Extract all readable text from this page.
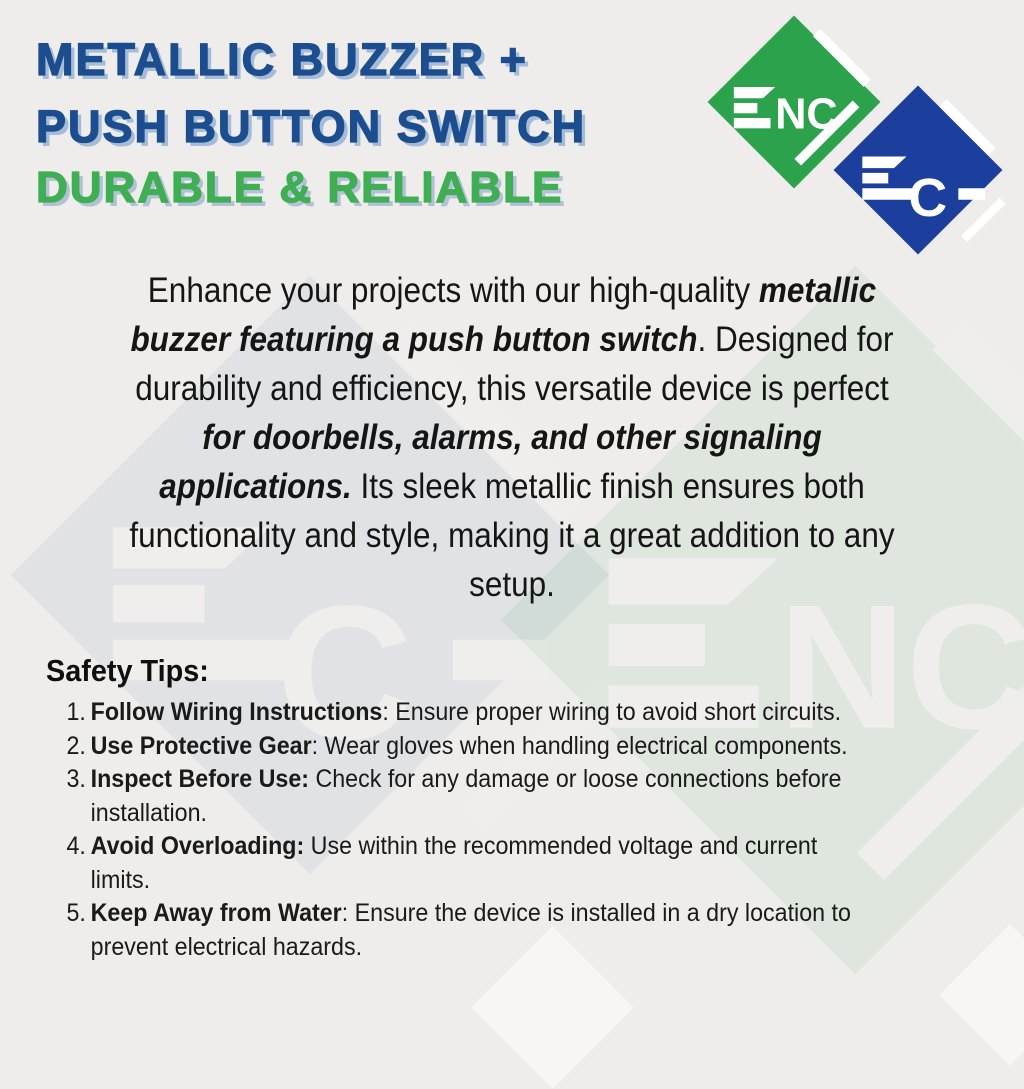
METALLIC BUZZER +
PUSH BUTTON SWITCH
DURABLE & RELIABLE
Enhance your projects with our high-quality metallic
buzzer featuring a push button switch. Designed for
durability and efficiency, this versatile device is perfect
for doorbells, alarms, and other signaling
applications. Its sleek metallic finish ensures both
functionality and style, making it a great addition to any
setup.
Safety Tips:
1. Follow Wiring Instructions: Ensure proper wiring to avoid short circuits.
2. Use Protective Gear: Wear gloves when handling electrical components.
3. Inspect Before Use: Check for any damage or loose connections before
installation.
4. Avoid Overloading: Use within the recommended voltage and current
limits.
5. Keep Away from Water: Ensure the device is installed in a dry location to
prevent electrical hazards.
